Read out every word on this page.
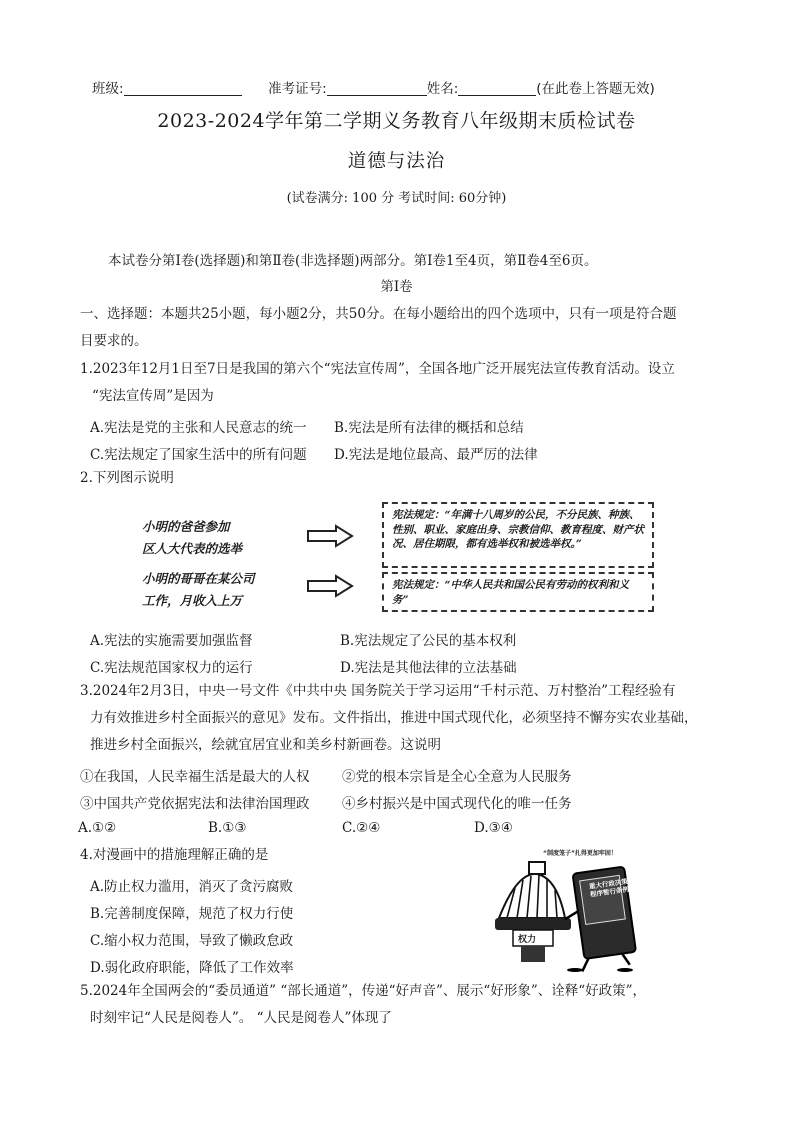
班级:	准考证号:	姓名:	(在此卷上答题无效)
2023-2024学年第二学期义务教育八年级期末质检试卷
道德与法治
(试卷满分: 100 分 考试时间: 60分钟)
本试卷分第Ⅰ卷(选择题)和第Ⅱ卷(非选择题)两部分。第Ⅰ卷1至4页，第Ⅱ卷4至6页。
第Ⅰ卷
一、选择题：本题共25小题，每小题2分，共50分。在每小题给出的四个选项中，只有一项是符合题
目要求的。
1.2023年12月1日至7日是我国的第六个“宪法宣传周”，全国各地广泛开展宪法宣传教育活动。设立
“宪法宣传周”是因为
A.宪法是党的主张和人民意志的统一 B.宪法是所有法律的概括和总结
C.宪法规定了国家生活中的所有问题 D.宪法是地位最高、最严厉的法律
2.下列图示说明
小明的爸爸参加
区人大代表的选举
小明的哥哥在某公司
工作，月收入上万
宪法规定：“年满十八周岁的公民，不分民族、种族、性别、职业、家庭出身、宗教信仰、教育程度、财产状况、居住期限，都有选举权和被选举权。”
宪法规定：“中华人民共和国公民有劳动的权利和义务”
A.宪法的实施需要加强监督	B.宪法规定了公民的基本权利
C.宪法规范国家权力的运行	D.宪法是其他法律的立法基础
3.2024年2月3日，中央一号文件《中共中央 国务院关于学习运用“千村示范、万村整治”工程经验有
力有效推进乡村全面振兴的意见》发布。文件指出，推进中国式现代化，必须坚持不懈夯实农业基础，
推进乡村全面振兴，绘就宜居宜业和美乡村新画卷。这说明
①在我国，人民幸福生活是最大的人权 ②党的根本宗旨是全心全意为人民服务
③中国共产党依据宪法和法律治国理政 ④乡村振兴是中国式现代化的唯一任务
A.①②	B.①③	C.②④	D.③④
4.对漫画中的措施理解正确的是
A.防止权力滥用，消灭了贪污腐败
B.完善制度保障，规范了权力行使
C.缩小权力范围，导致了懒政怠政
D.弱化政府职能，降低了工作效率
“制度笼子”扎得更加牢固！
重大行政决策程序暂行条例
权力
5.2024年全国两会的“委员通道” “部长通道”，传递“好声音”、展示“好形象”、诠释“好政策”，
时刻牢记“人民是阅卷人”。 “人民是阅卷人”体现了
